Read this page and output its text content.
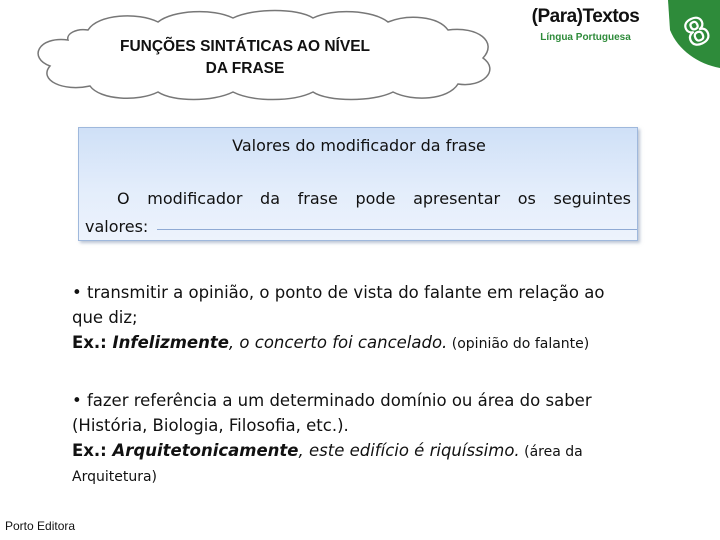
FUNÇÕES SINTÁTICAS AO NÍVEL
DA FRASE
(Para)Textos
Língua Portuguesa	8
Valores do modificador da frase
O modificador da frase pode apresentar os seguintes
valores:
• transmitir a opinião, o ponto de vista do falante em relação ao
que diz;
Ex.: Infelizmente, o concerto foi cancelado. (opinião do falante)
• fazer referência a um determinado domínio ou área do saber
(História, Biologia, Filosofia, etc.).
Ex.: Arquitetonicamente, este edifício é riquíssimo. (área da
Arquitetura)
Porto Editora
